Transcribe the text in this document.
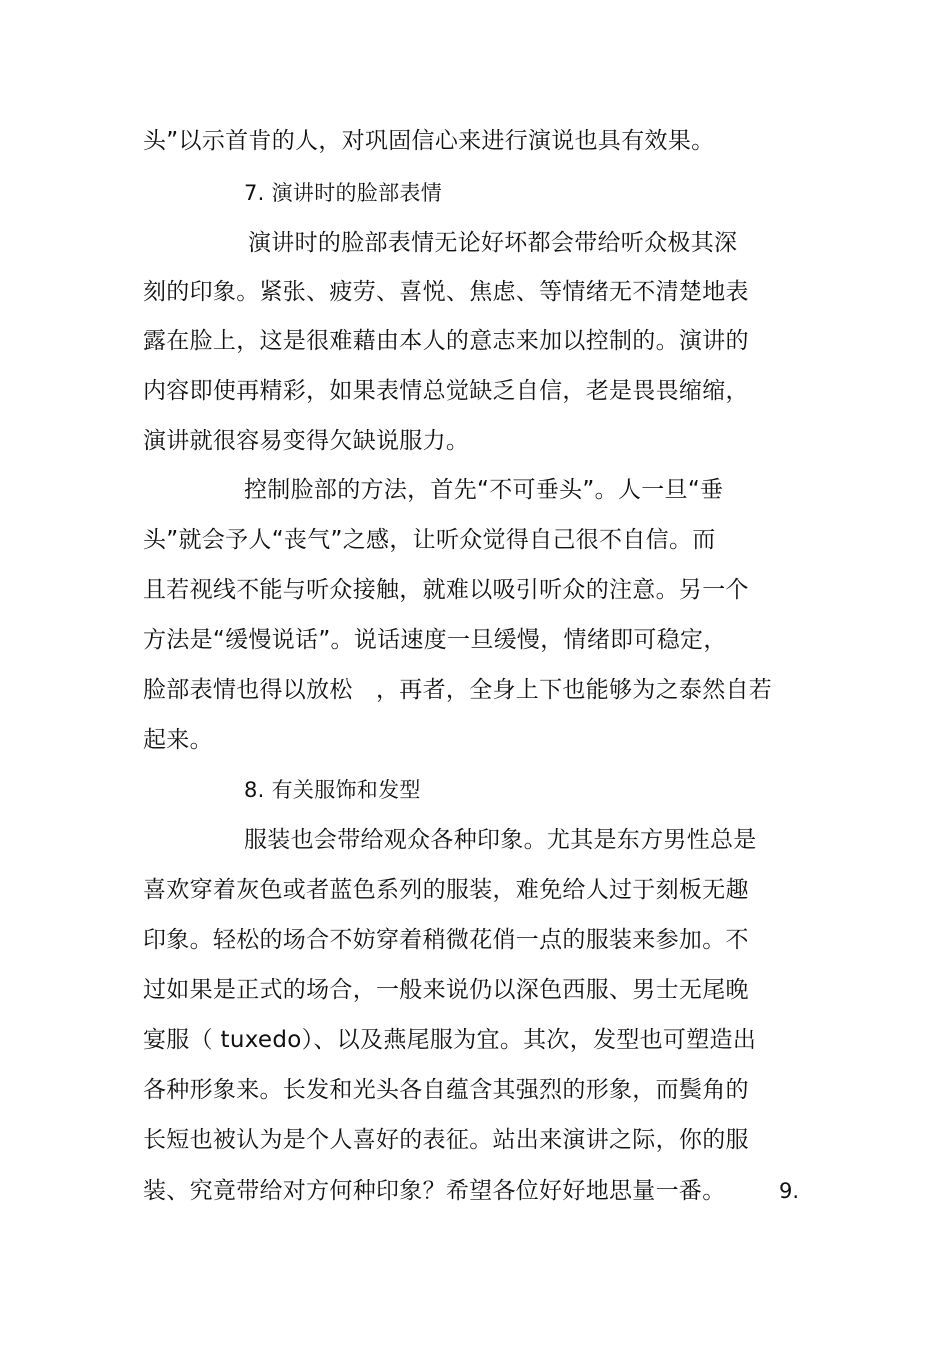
头”以示首肯的人，对巩固信心来进行演说也具有效果。
7. 演讲时的脸部表情
演讲时的脸部表情无论好坏都会带给听众极其深
刻的印象。紧张、疲劳、喜悦、焦虑、等情绪无不清楚地表
露在脸上，这是很难藉由本人的意志来加以控制的。演讲的
内容即使再精彩，如果表情总觉缺乏自信，老是畏畏缩缩，
演讲就很容易变得欠缺说服力。
控制脸部的方法，首先“不可垂头”。人一旦“垂
头”就会予人“丧气”之感，让听众觉得自己很不自信。而
且若视线不能与听众接触，就难以吸引听众的注意。另一个
方法是“缓慢说话”。说话速度一旦缓慢，情绪即可稳定，
脸部表情也得以放松　，再者，全身上下也能够为之泰然自若
起来。
8. 有关服饰和发型
服装也会带给观众各种印象。尤其是东方男性总是
喜欢穿着灰色或者蓝色系列的服装，难免给人过于刻板无趣
印象。轻松的场合不妨穿着稍微花俏一点的服装来参加。不
过如果是正式的场合，一般来说仍以深色西服、男士无尾晚
宴服（ tuxedo）、以及燕尾服为宜。其次，发型也可塑造出
各种形象来。长发和光头各自蕴含其强烈的形象，而鬓角的
长短也被认为是个人喜好的表征。站出来演讲之际，你的服
装、究竟带给对方何种印象？希望各位好好地思量一番。	9.
